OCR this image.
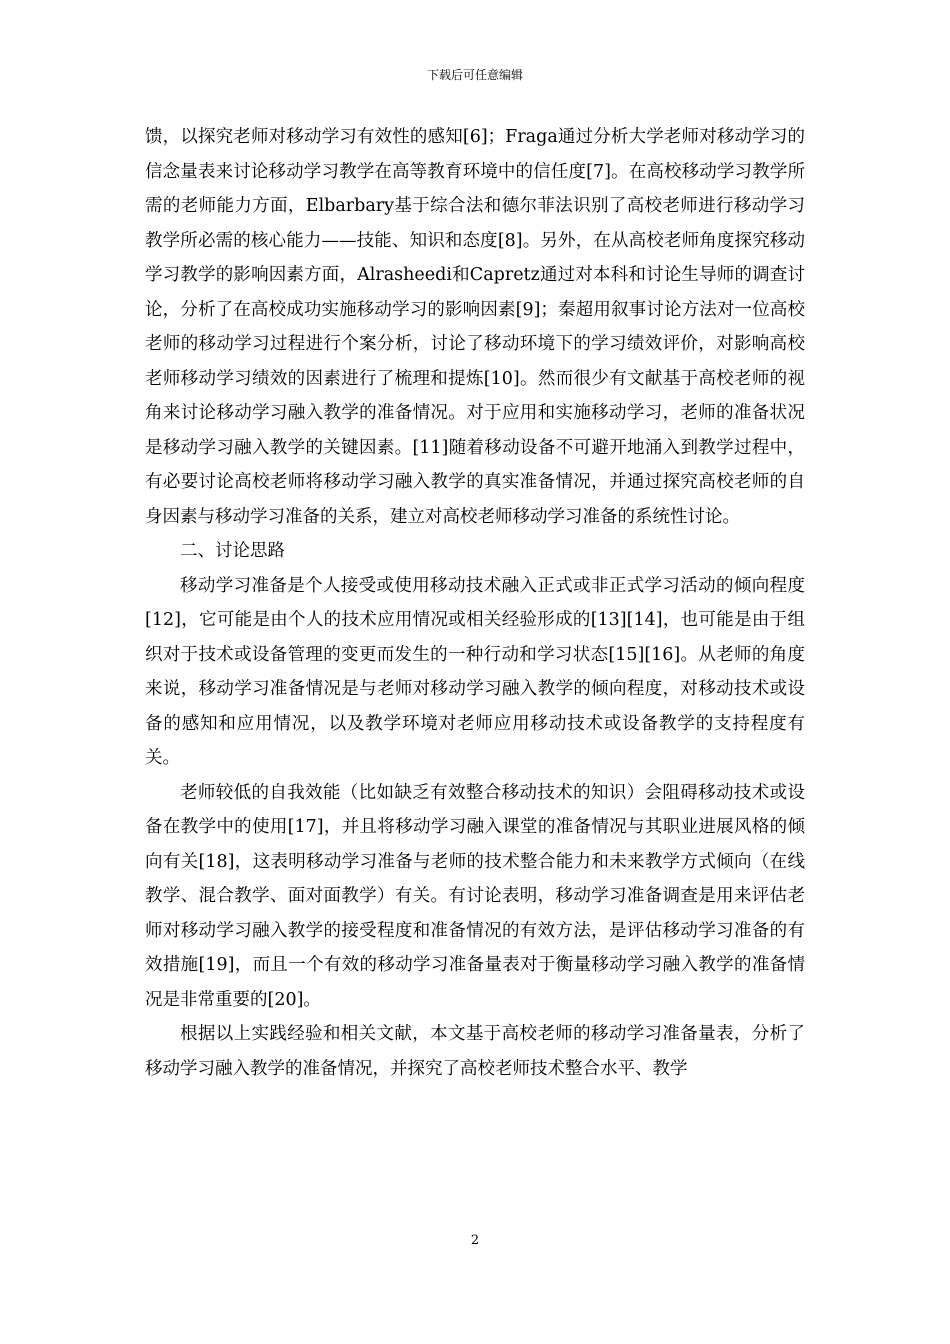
下载后可任意编辑

馈，以探究老师对移动学习有效性的感知[6]；Fraga通过分析大学老师对移动学习的信念量表来讨论移动学习教学在高等教育环境中的信任度[7]。在高校移动学习教学所需的老师能力方面，Elbarbary基于综合法和德尔菲法识别了高校老师进行移动学习教学所必需的核心能力——技能、知识和态度[8]。另外，在从高校老师角度探究移动学习教学的影响因素方面，Alrasheedi和Capretz通过对本科和讨论生导师的调查讨论，分析了在高校成功实施移动学习的影响因素[9]；秦超用叙事讨论方法对一位高校老师的移动学习过程进行个案分析，讨论了移动环境下的学习绩效评价，对影响高校老师移动学习绩效的因素进行了梳理和提炼[10]。然而很少有文献基于高校老师的视角来讨论移动学习融入教学的准备情况。对于应用和实施移动学习，老师的准备状况是移动学习融入教学的关键因素。[11]随着移动设备不可避开地涌入到教学过程中，有必要讨论高校老师将移动学习融入教学的真实准备情况，并通过探究高校老师的自身因素与移动学习准备的关系，建立对高校老师移动学习准备的系统性讨论。

二、讨论思路

移动学习准备是个人接受或使用移动技术融入正式或非正式学习活动的倾向程度[12]，它可能是由个人的技术应用情况或相关经验形成的[13][14]，也可能是由于组织对于技术或设备管理的变更而发生的一种行动和学习状态[15][16]。从老师的角度来说，移动学习准备情况是与老师对移动学习融入教学的倾向程度，对移动技术或设备的感知和应用情况，以及教学环境对老师应用移动技术或设备教学的支持程度有关。

老师较低的自我效能（比如缺乏有效整合移动技术的知识）会阻碍移动技术或设备在教学中的使用[17]，并且将移动学习融入课堂的准备情况与其职业进展风格的倾向有关[18]，这表明移动学习准备与老师的技术整合能力和未来教学方式倾向（在线教学、混合教学、面对面教学）有关。有讨论表明，移动学习准备调查是用来评估老师对移动学习融入教学的接受程度和准备情况的有效方法，是评估移动学习准备的有效措施[19]，而且一个有效的移动学习准备量表对于衡量移动学习融入教学的准备情况是非常重要的[20]。

根据以上实践经验和相关文献，本文基于高校老师的移动学习准备量表，分析了移动学习融入教学的准备情况，并探究了高校老师技术整合水平、教学

2
